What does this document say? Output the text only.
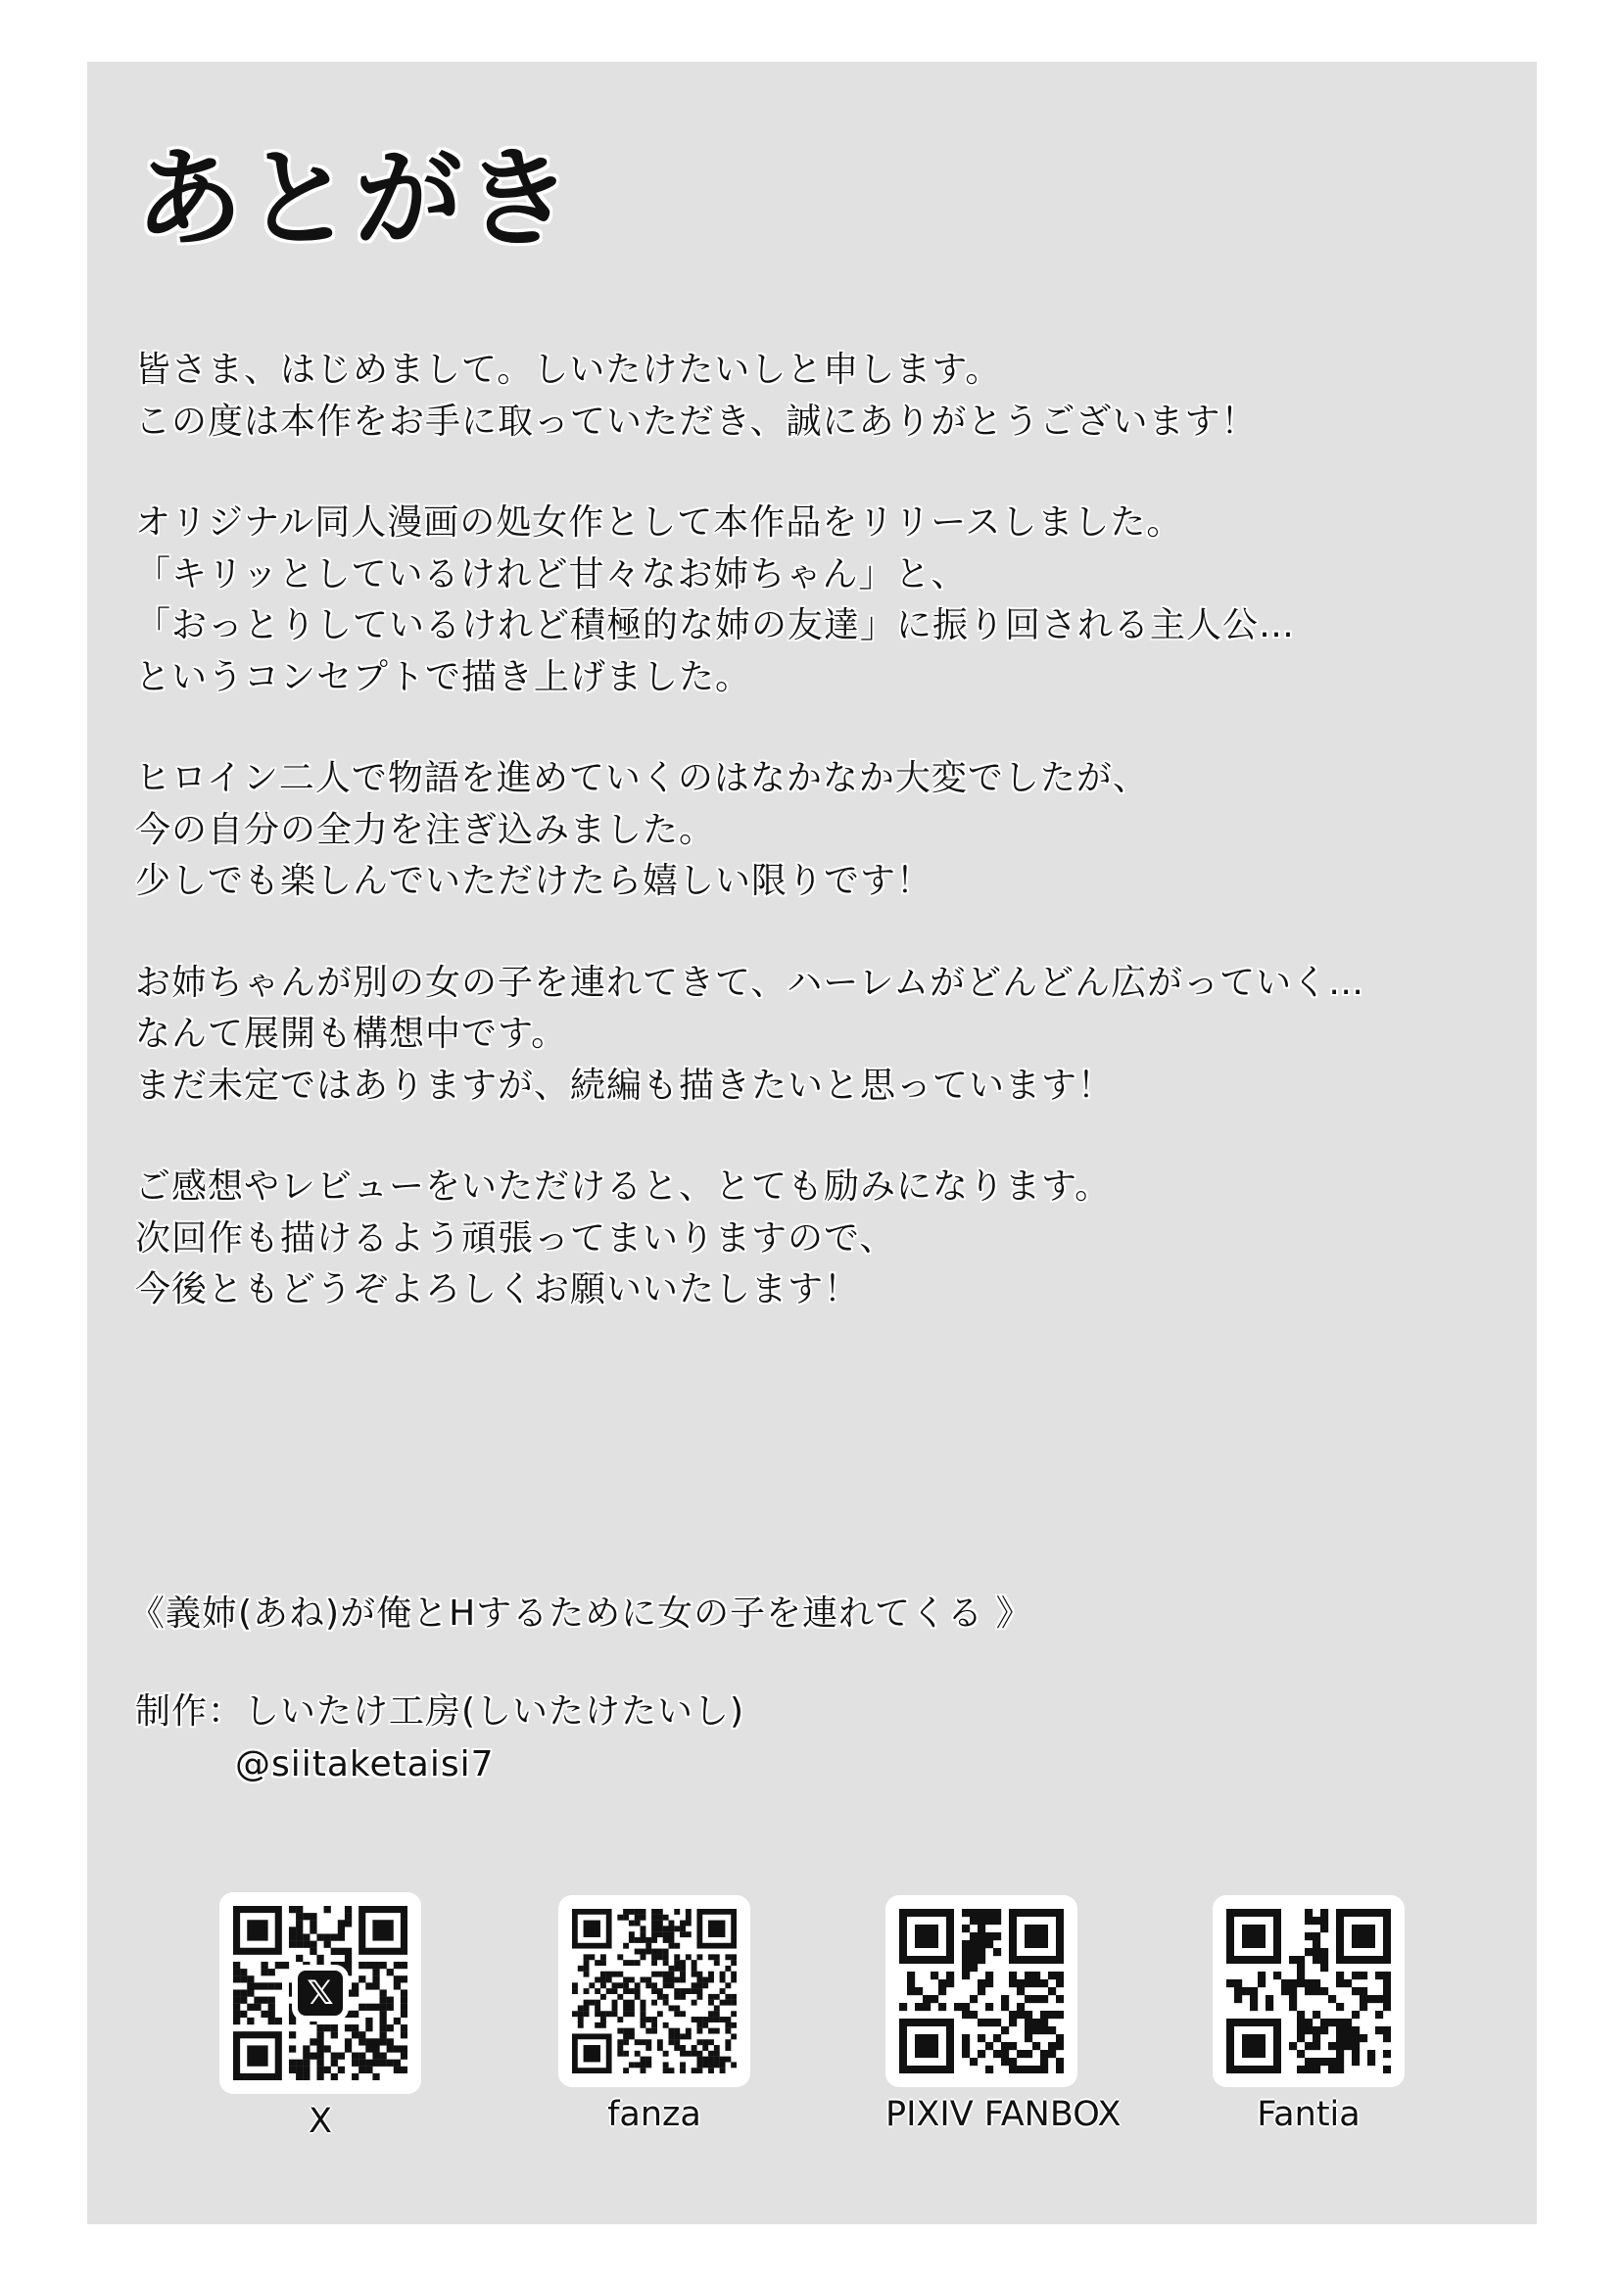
あとがき
皆さま、はじめまして。しいたけたいしと申します。
この度は本作をお手に取っていただき、誠にありがとうございます！
オリジナル同人漫画の処女作として本作品をリリースしました。
「キリッとしているけれど甘々なお姉ちゃん」と、
「おっとりしているけれど積極的な姉の友達」に振り回される主人公…
というコンセプトで描き上げました。
ヒロイン二人で物語を進めていくのはなかなか大変でしたが、
今の自分の全力を注ぎ込みました。
少しでも楽しんでいただけたら嬉しい限りです！
お姉ちゃんが別の女の子を連れてきて、ハーレムがどんどん広がっていく…
なんて展開も構想中です。
まだ未定ではありますが、続編も描きたいと思っています！
ご感想やレビューをいただけると、とても励みになります。
次回作も描けるよう頑張ってまいりますので、
今後ともどうぞよろしくお願いいたします！
《義姉(あね)が俺とHするために女の子を連れてくる 》
制作：しいたけ工房(しいたけたいし)
@siitaketaisi7
𝕏
X	fanza	PIXIV FANBOX	Fantia
